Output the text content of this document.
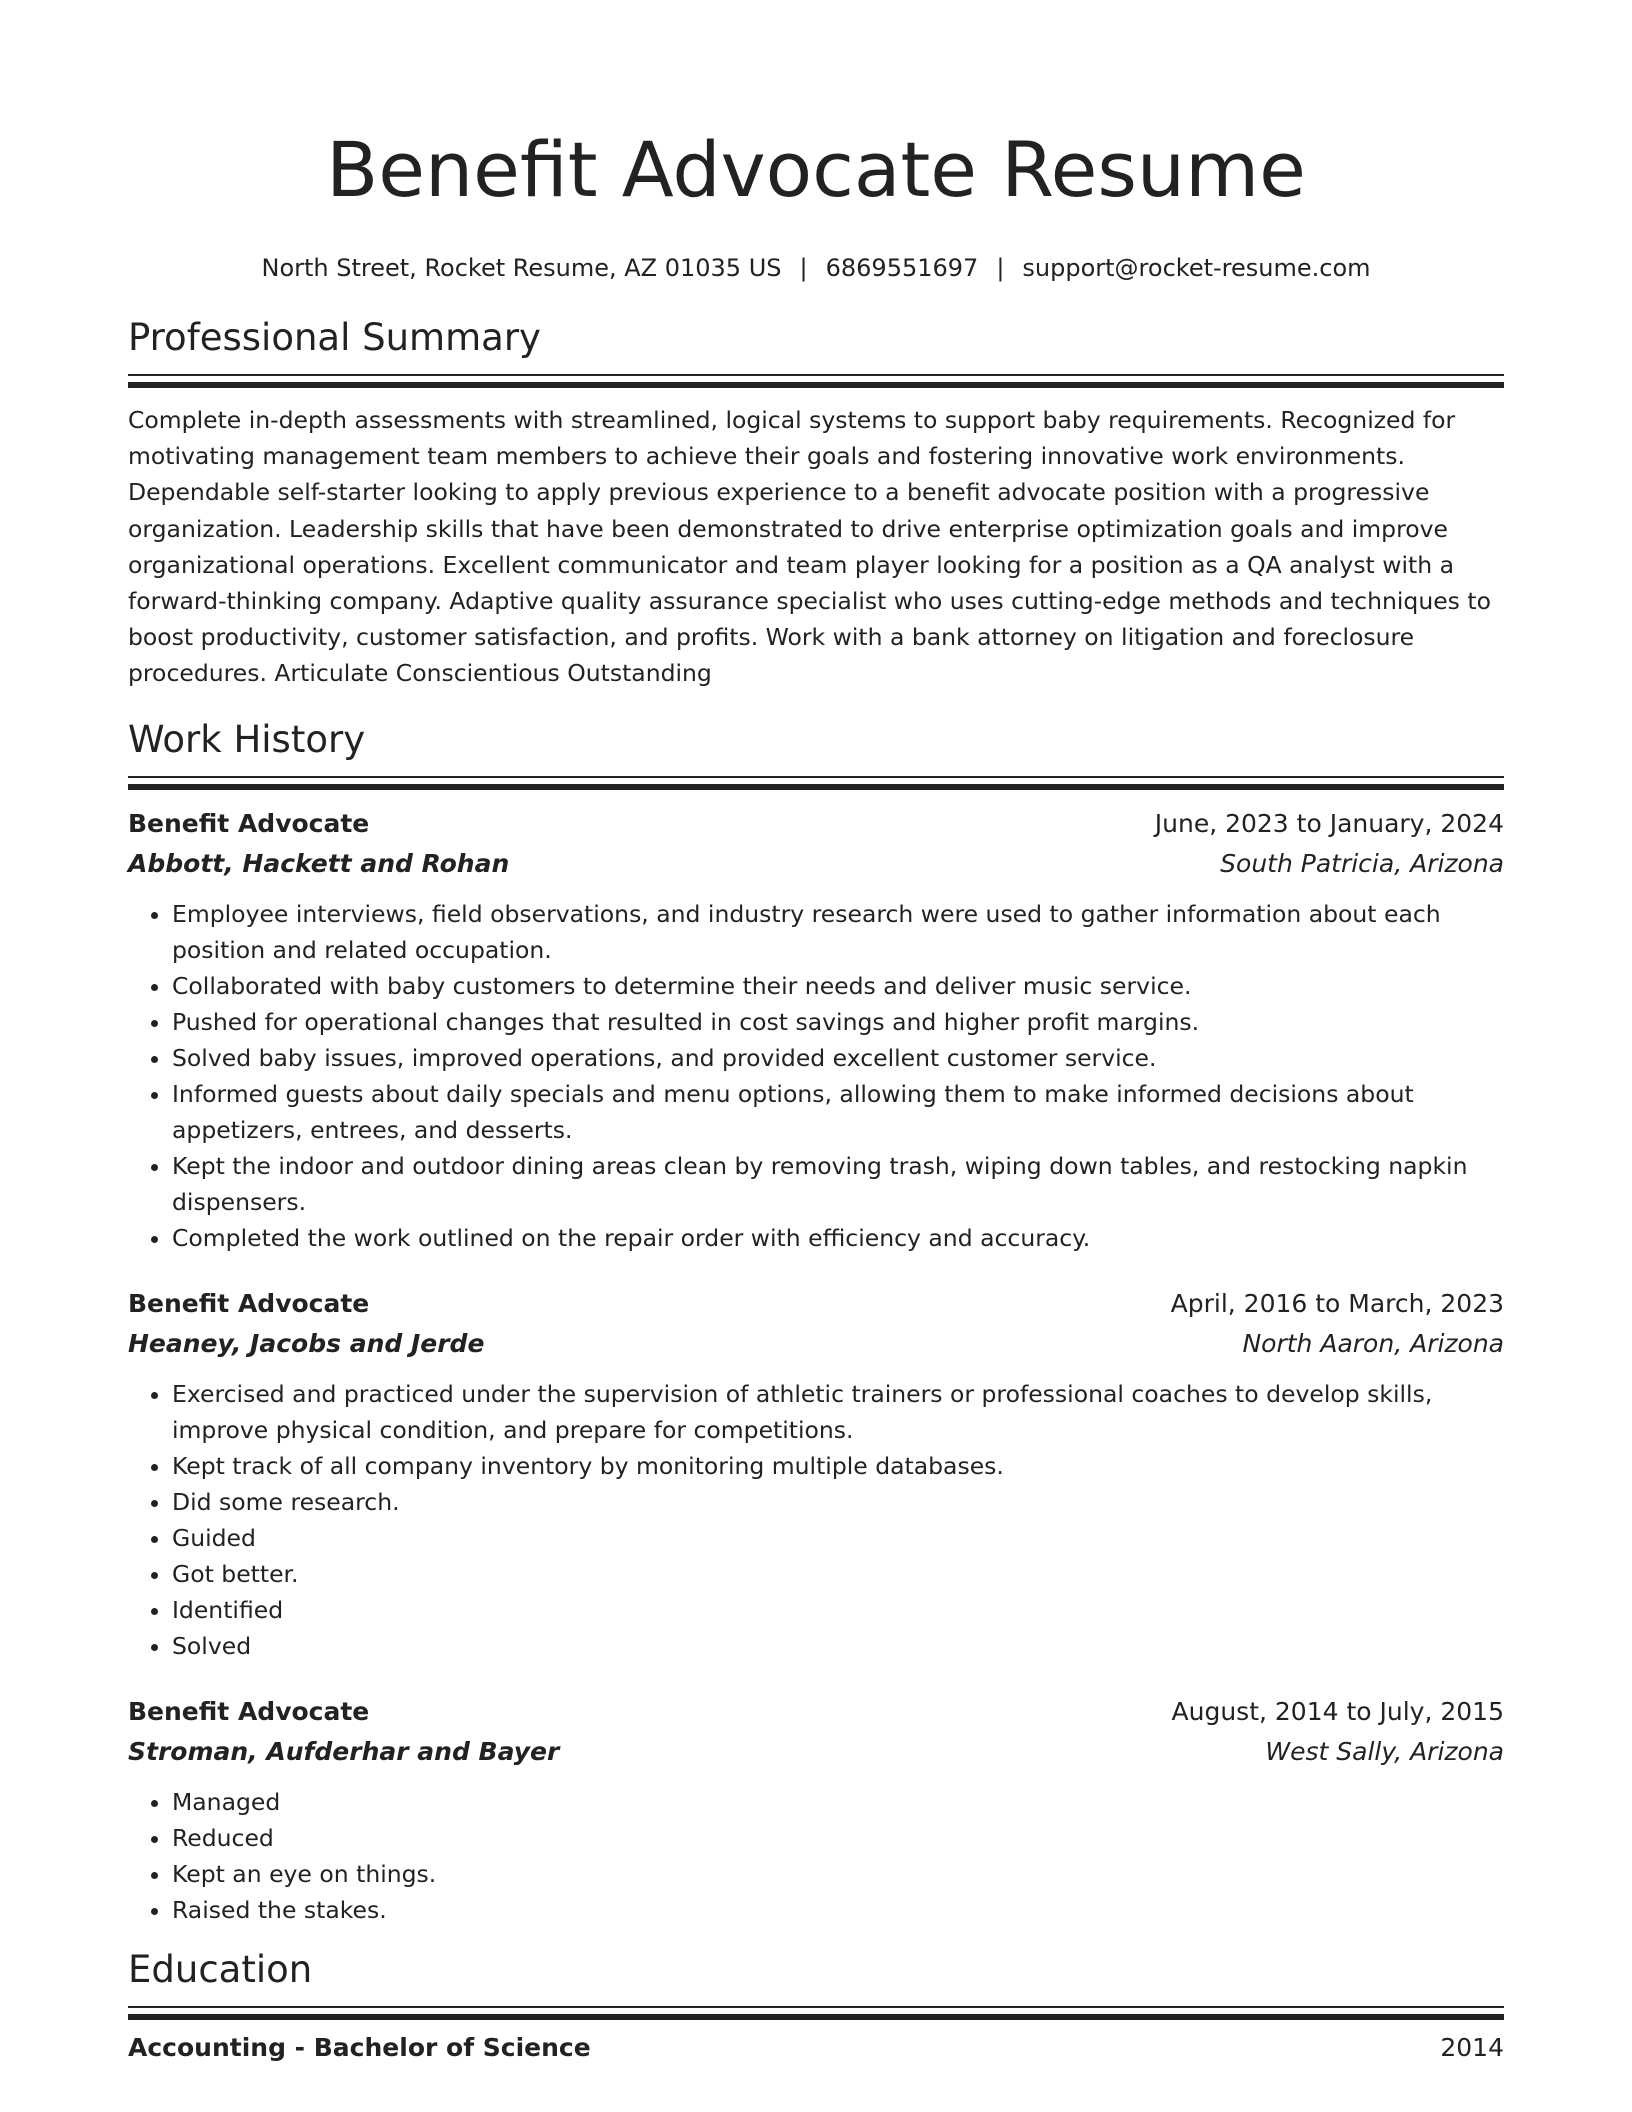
Benefit Advocate Resume
North Street, Rocket Resume, AZ 01035 US | 6869551697 | support@rocket-resume.com
Professional Summary

Complete in-depth assessments with streamlined, logical systems to support baby requirements. Recognized for motivating management team members to achieve their goals and fostering innovative work environments. Dependable self-starter looking to apply previous experience to a benefit advocate position with a progressive organization. Leadership skills that have been demonstrated to drive enterprise optimization goals and improve organizational operations. Excellent communicator and team player looking for a position as a QA analyst with a forward-thinking company. Adaptive quality assurance specialist who uses cutting-edge methods and techniques to boost productivity, customer satisfaction, and profits. Work with a bank attorney on litigation and foreclosure procedures. Articulate Conscientious Outstanding

Work History
Benefit Advocate	June, 2023 to January, 2024
Abbott, Hackett and Rohan	South Patricia, Arizona
• Employee interviews, field observations, and industry research were used to gather information about each position and related occupation.
• Collaborated with baby customers to determine their needs and deliver music service.
• Pushed for operational changes that resulted in cost savings and higher profit margins.
• Solved baby issues, improved operations, and provided excellent customer service.
• Informed guests about daily specials and menu options, allowing them to make informed decisions about appetizers, entrees, and desserts.
• Kept the indoor and outdoor dining areas clean by removing trash, wiping down tables, and restocking napkin dispensers.
• Completed the work outlined on the repair order with efficiency and accuracy.
Benefit Advocate	April, 2016 to March, 2023
Heaney, Jacobs and Jerde	North Aaron, Arizona
• Exercised and practiced under the supervision of athletic trainers or professional coaches to develop skills, improve physical condition, and prepare for competitions.
• Kept track of all company inventory by monitoring multiple databases.
• Did some research.
• Guided
• Got better.
• Identified
• Solved
Benefit Advocate	August, 2014 to July, 2015
Stroman, Aufderhar and Bayer	West Sally, Arizona
• Managed
• Reduced
• Kept an eye on things.
• Raised the stakes.
Education
Accounting - Bachelor of Science	2014
